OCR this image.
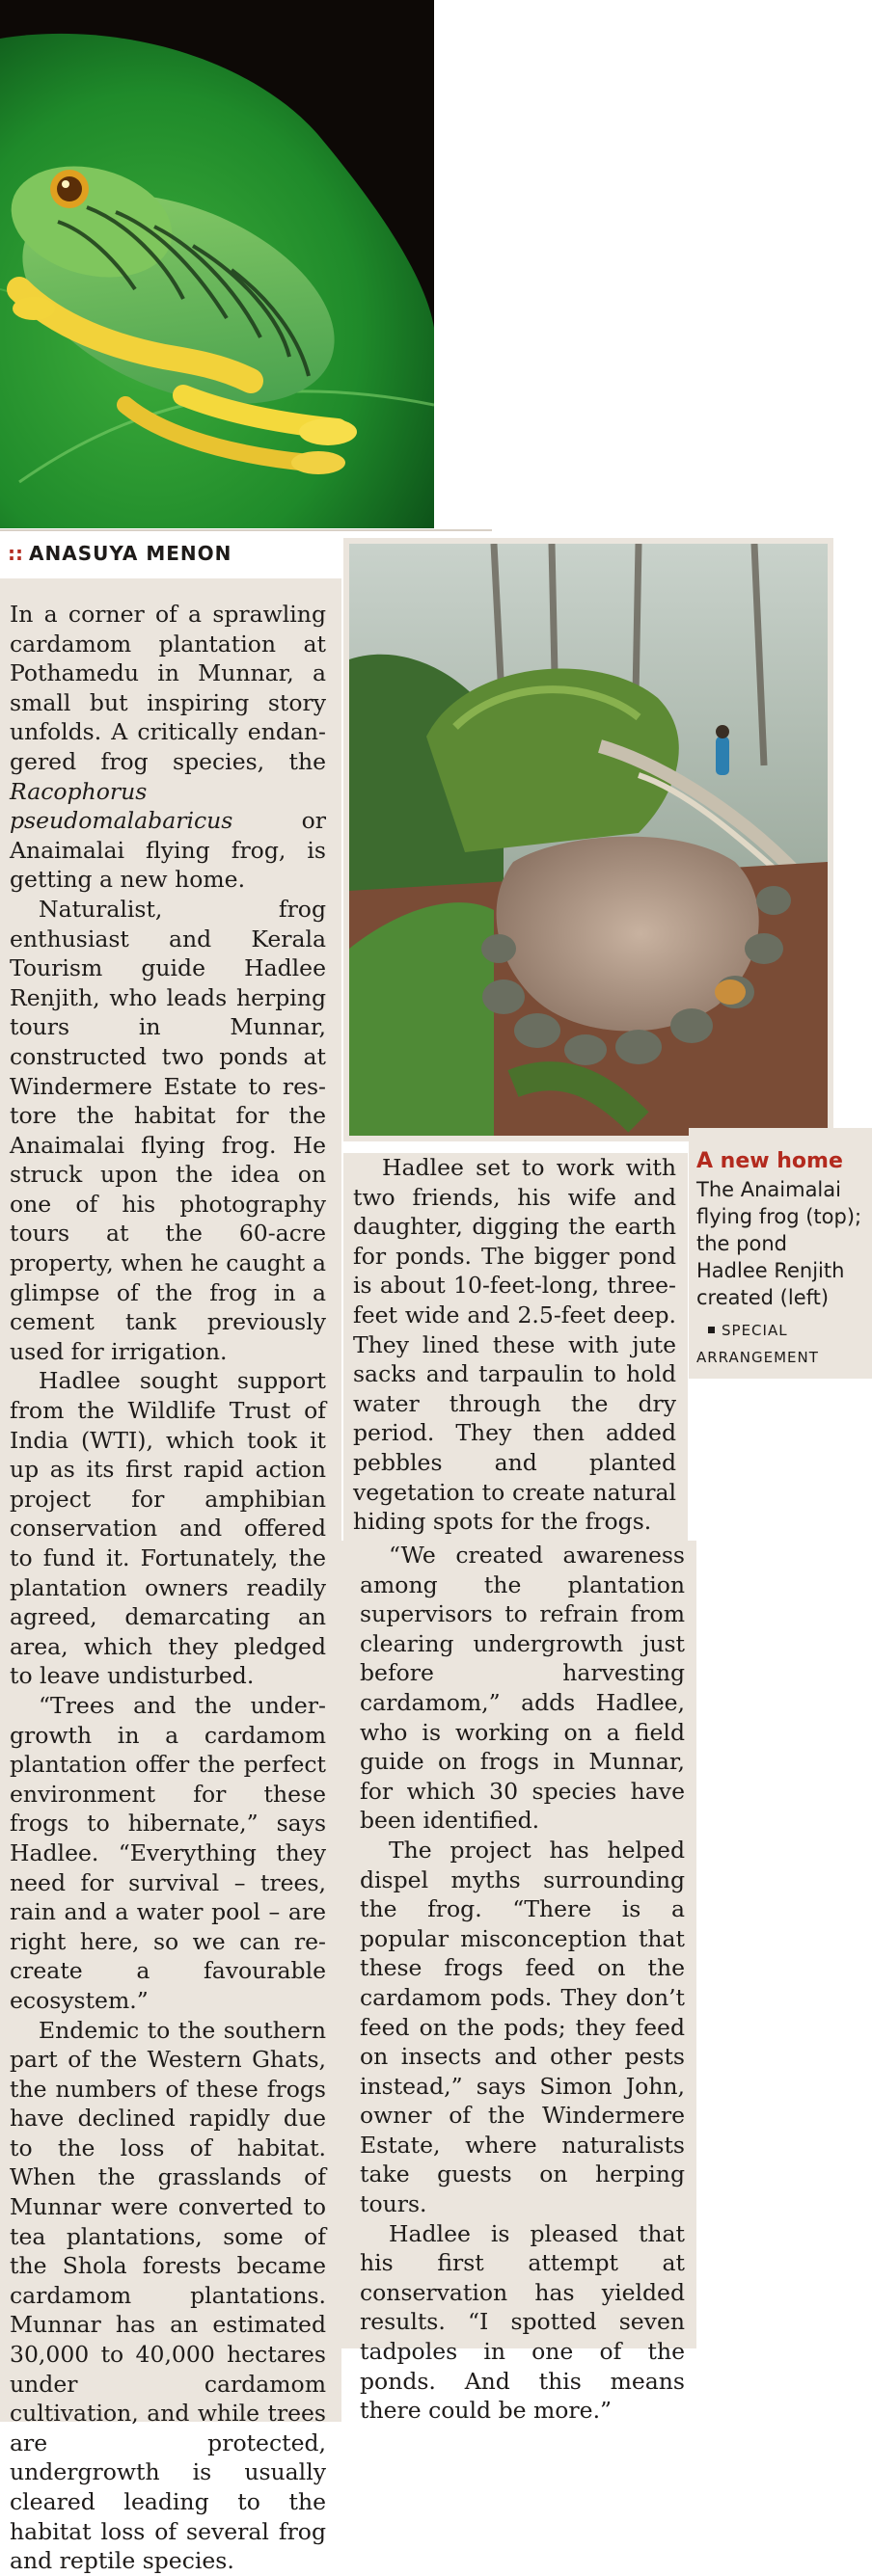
:: ANASUYA MENON

In a corner of a sprawling cardamom plantation at Pothamedu in Munnar, a small but inspiring story unfolds. A critically endangered frog species, the Racophorus pseudomalabaricus or Anaimalai flying frog, is getting a new home.

Naturalist, frog enthusiast and Kerala Tourism guide Hadlee Renjith, who leads herping tours in Munnar, constructed two ponds at Windermere Estate to restore the habitat for the Anaimalai flying frog. He struck upon the idea on one of his photography tours at the 60-acre property, when he caught a glimpse of the frog in a cement tank previously used for irrigation.

Hadlee sought support from the Wildlife Trust of India (WTI), which took it up as its first rapid action project for amphibian conservation and offered to fund it. Fortunately, the plantation owners readily agreed, demarcating an area, which they pledged to leave undisturbed.

“Trees and the undergrowth in a cardamom plantation offer the perfect environment for these frogs to hibernate,” says Hadlee. “Everything they need for survival – trees, rain and a water pool – are right here, so we can re-create a favourable ecosystem.”

Endemic to the southern part of the Western Ghats, the numbers of these frogs have declined rapidly due to the loss of habitat. When the grasslands of Munnar were converted to tea plantations, some of the Shola forests became cardamom plantations. Munnar has an estimated 30,000 to 40,000 hectares under cardamom cultivation, and while trees are protected, undergrowth is usually cleared leading to the habitat loss of several frog and reptile species.

Hadlee set to work with two friends, his wife and daughter, digging the earth for ponds. The bigger pond is about 10-feet-long, three-feet wide and 2.5-feet deep. They lined these with jute sacks and tarpaulin to hold water through the dry period. They then added pebbles and planted vegetation to create natural hiding spots for the frogs.

“We created awareness among the plantation supervisors to refrain from clearing undergrowth just before harvesting cardamom,” adds Hadlee, who is working on a field guide on frogs in Munnar, for which 30 species have been identified.

The project has helped dispel myths surrounding the frog. “There is a popular misconception that these frogs feed on the cardamom pods. They don’t feed on the pods; they feed on insects and other pests instead,” says Simon John, owner of the Windermere Estate, where naturalists take guests on herping tours.

Hadlee is pleased that his first attempt at conservation has yielded results. “I spotted seven tadpoles in one of the ponds. And this means there could be more.”

A new home
The Anaimalai flying frog (top); the pond Hadlee Renjith created (left)
SPECIAL ARRANGEMENT
